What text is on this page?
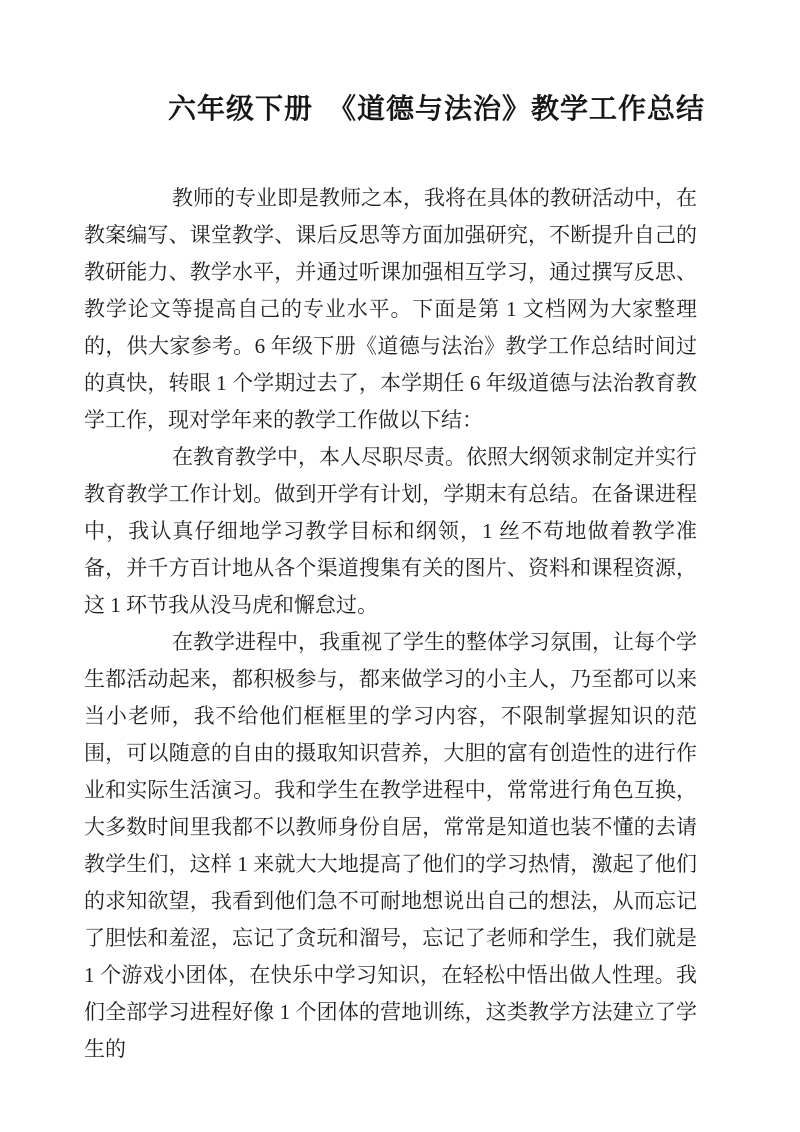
六年级下册　《道德与法治》教学工作总结

教师的专业即是教师之本，我将在具体的教研活动中，在教案编写、课堂教学、课后反思等方面加强研究，不断提升自己的教研能力、教学水平，并通过听课加强相互学习，通过撰写反思、教学论文等提高自己的专业水平。下面是第 1 文档网为大家整理的，供大家参考。6 年级下册《道德与法治》教学工作总结时间过的真快，转眼 1 个学期过去了，本学期任 6 年级道德与法治教育教学工作，现对学年来的教学工作做以下结：

在教育教学中，本人尽职尽责。依照大纲领求制定并实行教育教学工作计划。做到开学有计划，学期末有总结。在备课进程中，我认真仔细地学习教学目标和纲领，1 丝不苟地做着教学准备，并千方百计地从各个渠道搜集有关的图片、资料和课程资源，这 1 环节我从没马虎和懈怠过。

在教学进程中，我重视了学生的整体学习氛围，让每个学生都活动起来，都积极参与，都来做学习的小主人，乃至都可以来当小老师，我不给他们框框里的学习内容，不限制掌握知识的范围，可以随意的自由的摄取知识营养，大胆的富有创造性的进行作业和实际生活演习。我和学生在教学进程中，常常进行角色互换，大多数时间里我都不以教师身份自居，常常是知道也装不懂的去请教学生们，这样 1 来就大大地提高了他们的学习热情，激起了他们的求知欲望，我看到他们急不可耐地想说出自己的想法，从而忘记了胆怯和羞涩，忘记了贪玩和溜号，忘记了老师和学生，我们就是 1 个游戏小团体，在快乐中学习知识，在轻松中悟出做人性理。我们全部学习进程好像 1 个团体的营地训练，这类教学方法建立了学生的
